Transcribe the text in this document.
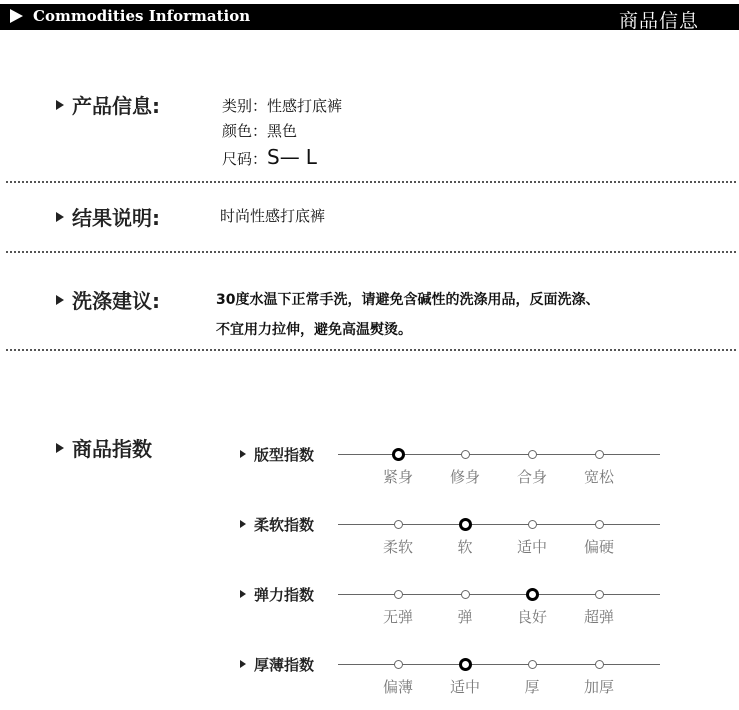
Commodities Information	商品信息
产品信息:	类别：性感打底裤
颜色：黑色
尺码：S— L
结果说明:	时尚性感打底裤
洗涤建议:	30度水温下正常手洗，请避免含碱性的洗涤用品，反面洗涤、
不宜用力拉伸，避免高温熨烫。
商品指数	版型指数
紧身	修身	合身	宽松
柔软指数
柔软	软	适中	偏硬
弹力指数
无弹	弹	良好	超弹
厚薄指数
偏薄	适中	厚	加厚
